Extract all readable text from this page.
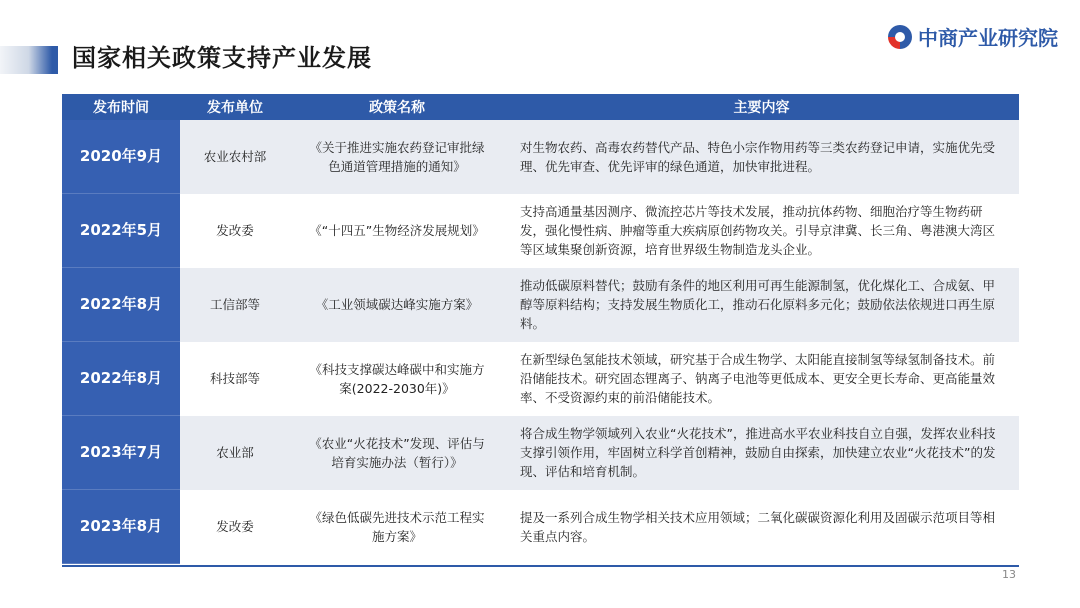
国家相关政策支持产业发展
中商产业研究院
发布时间	发布单位	政策名称	主要内容
2020年9月	农业农村部	《关于推进实施农药登记审批绿色通道管理措施的通知》	对生物农药、高毒农药替代产品、特色小宗作物用药等三类农药登记申请，实施优先受理、优先审查、优先评审的绿色通道，加快审批进程。
2022年5月	发改委	《“十四五”生物经济发展规划》	支持高通量基因测序、微流控芯片等技术发展，推动抗体药物、细胞治疗等生物药研发，强化慢性病、肿瘤等重大疾病原创药物攻关。引导京津冀、长三角、粤港澳大湾区等区域集聚创新资源，培育世界级生物制造龙头企业。
2022年8月	工信部等	《工业领域碳达峰实施方案》	推动低碳原料替代；鼓励有条件的地区利用可再生能源制氢，优化煤化工、合成氨、甲醇等原料结构；支持发展生物质化工，推动石化原料多元化；鼓励依法依规进口再生原料。
2022年8月	科技部等	《科技支撑碳达峰碳中和实施方案(2022-2030年)》	在新型绿色氢能技术领域，研究基于合成生物学、太阳能直接制氢等绿氢制备技术。前沿储能技术。研究固态锂离子、钠离子电池等更低成本、更安全更长寿命、更高能量效率、不受资源约束的前沿储能技术。
2023年7月	农业部	《农业“火花技术”发现、评估与培育实施办法（暂行）》	将合成生物学领域列入农业“火花技术”，推进高水平农业科技自立自强，发挥农业科技支撑引领作用，牢固树立科学首创精神，鼓励自由探索，加快建立农业“火花技术”的发现、评估和培育机制。
2023年8月	发改委	《绿色低碳先进技术示范工程实施方案》	提及一系列合成生物学相关技术应用领域；二氧化碳碳资源化利用及固碳示范项目等相关重点内容。
13
